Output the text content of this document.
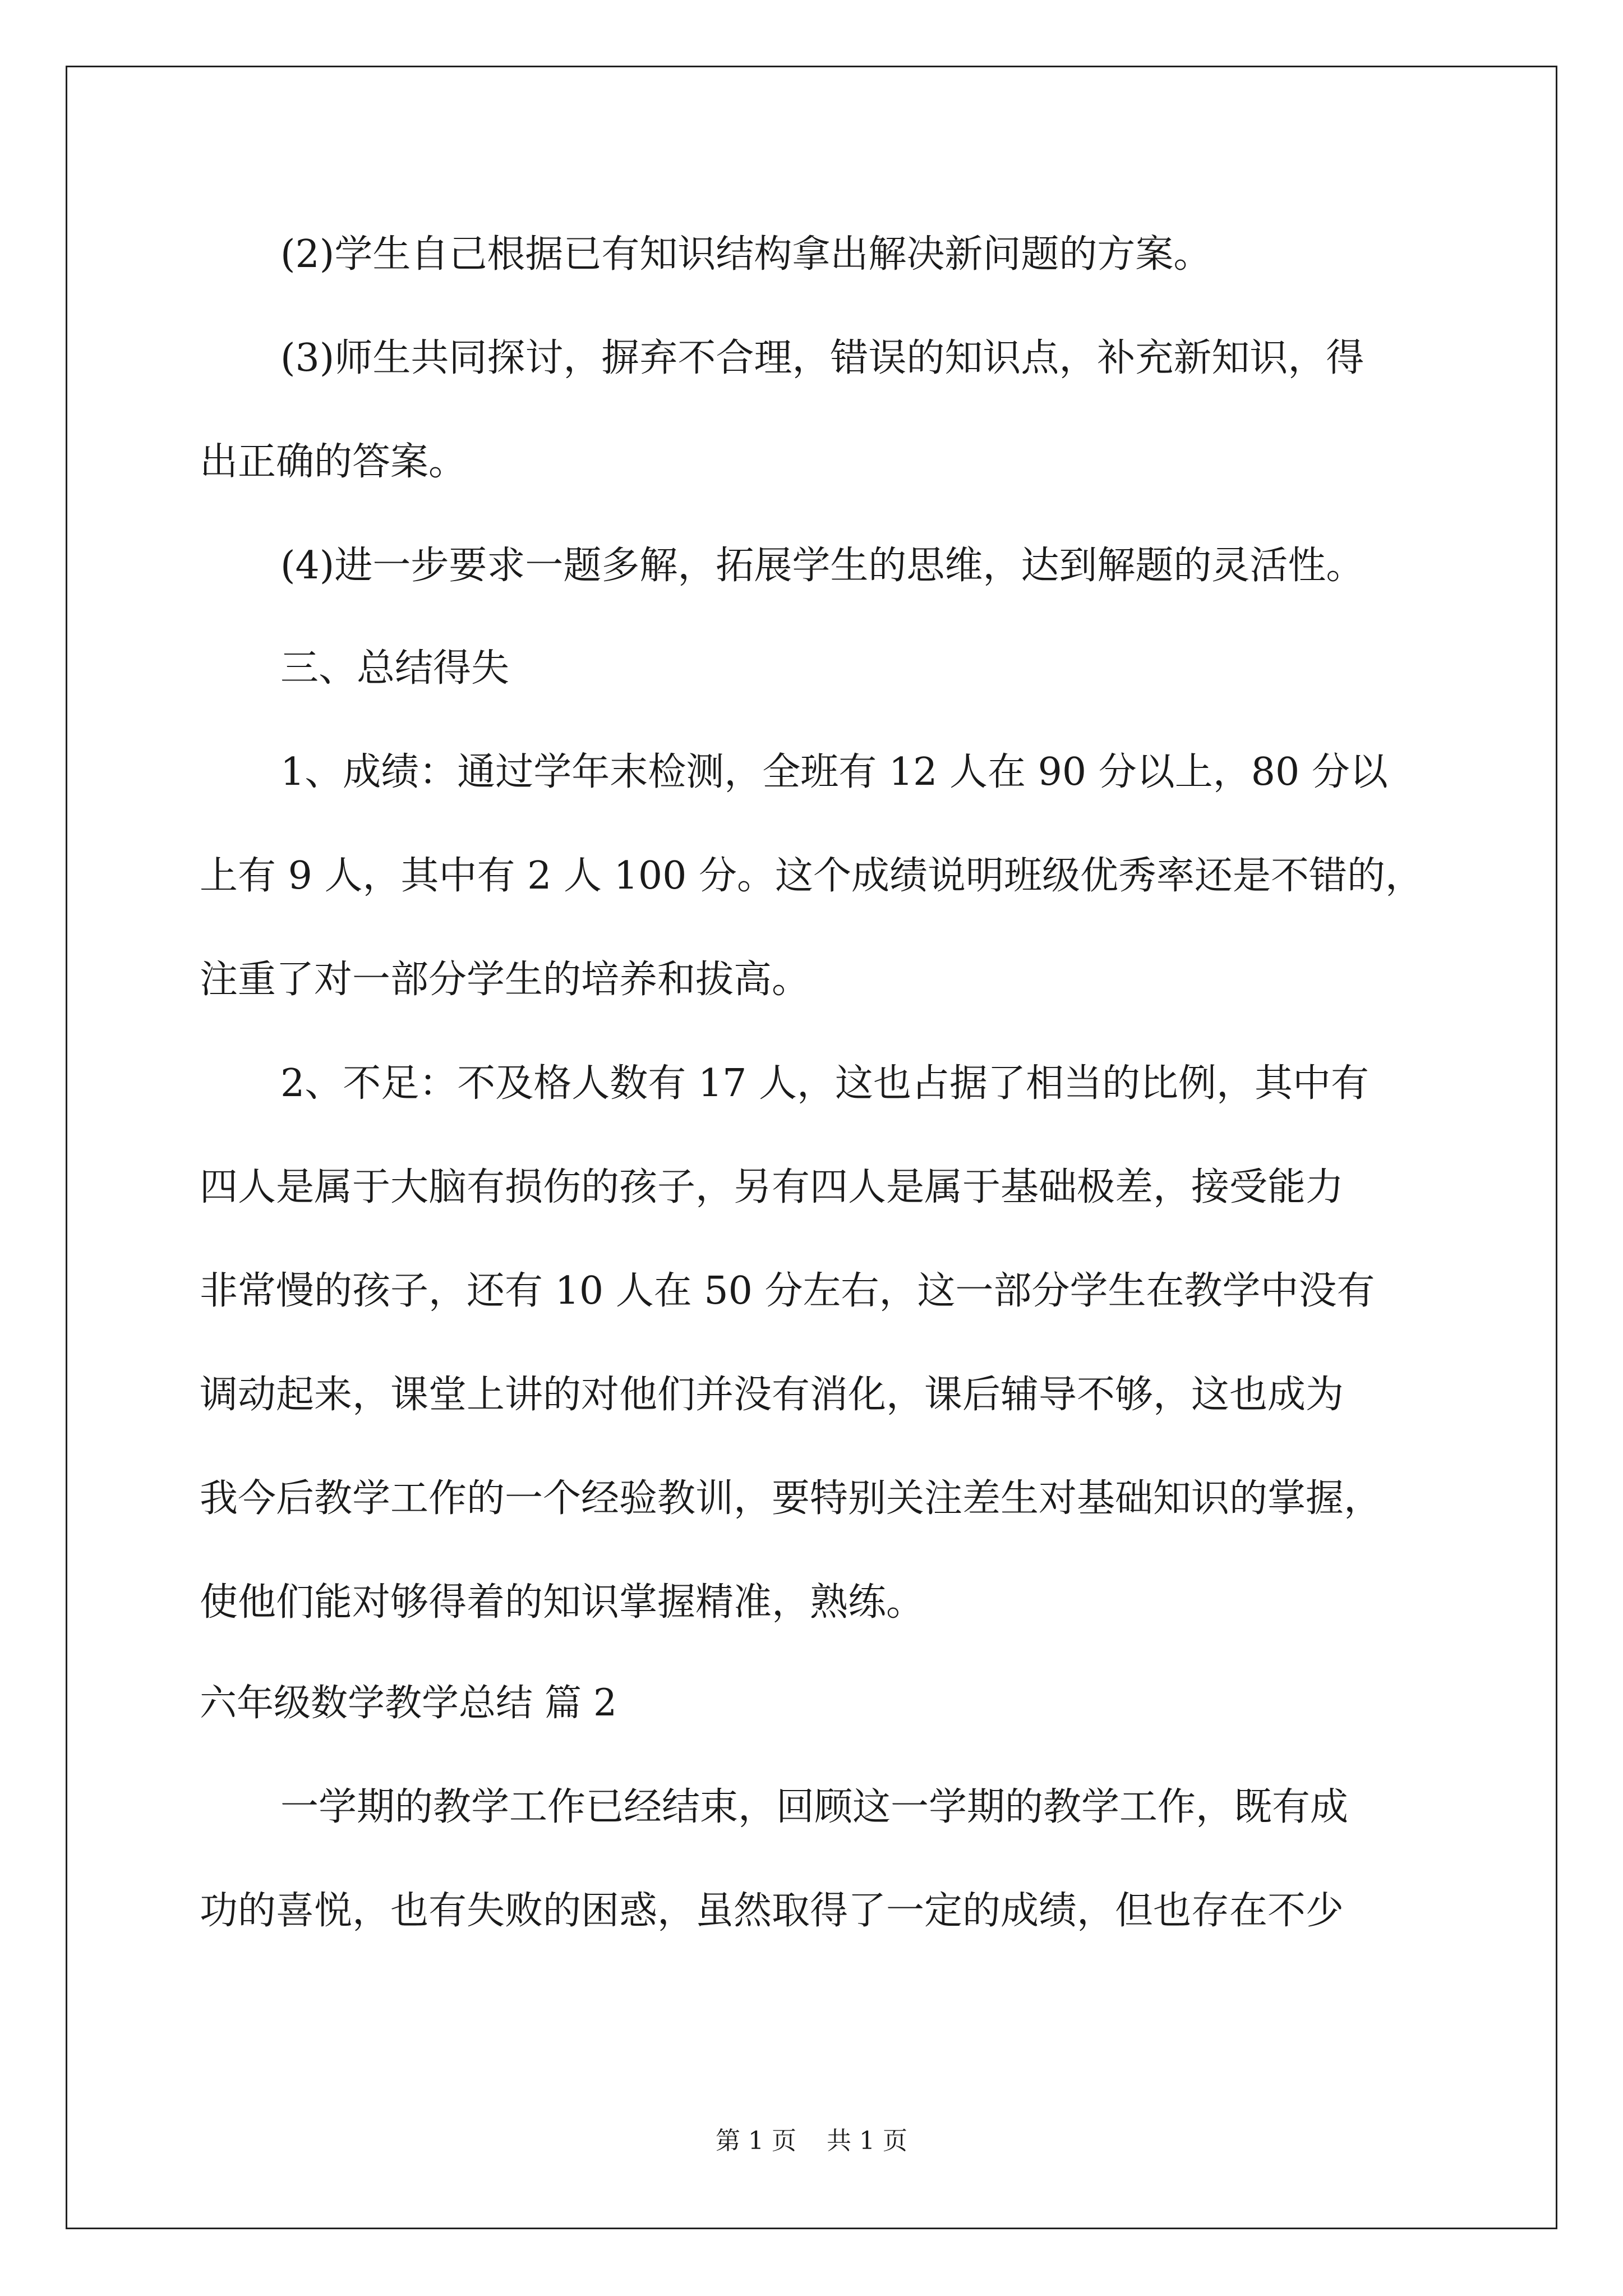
(2)学生自己根据已有知识结构拿出解决新问题的方案。
(3)师生共同探讨，摒弃不合理，错误的知识点，补充新知识，得
出正确的答案。
(4)进一步要求一题多解，拓展学生的思维，达到解题的灵活性。
三、总结得失
1、成绩：通过学年末检测，全班有 12 人在 90 分以上，80 分以
上有 9 人，其中有 2 人 100 分。这个成绩说明班级优秀率还是不错的，
注重了对一部分学生的培养和拔高。
2、不足：不及格人数有 17 人，这也占据了相当的比例，其中有
四人是属于大脑有损伤的孩子，另有四人是属于基础极差，接受能力
非常慢的孩子，还有 10 人在 50 分左右，这一部分学生在教学中没有
调动起来，课堂上讲的对他们并没有消化，课后辅导不够，这也成为
我今后教学工作的一个经验教训，要特别关注差生对基础知识的掌握，
使他们能对够得着的知识掌握精准，熟练。
六年级数学教学总结 篇 2
一学期的教学工作已经结束，回顾这一学期的教学工作，既有成
功的喜悦，也有失败的困惑，虽然取得了一定的成绩，但也存在不少
第 1 页 共 1 页
